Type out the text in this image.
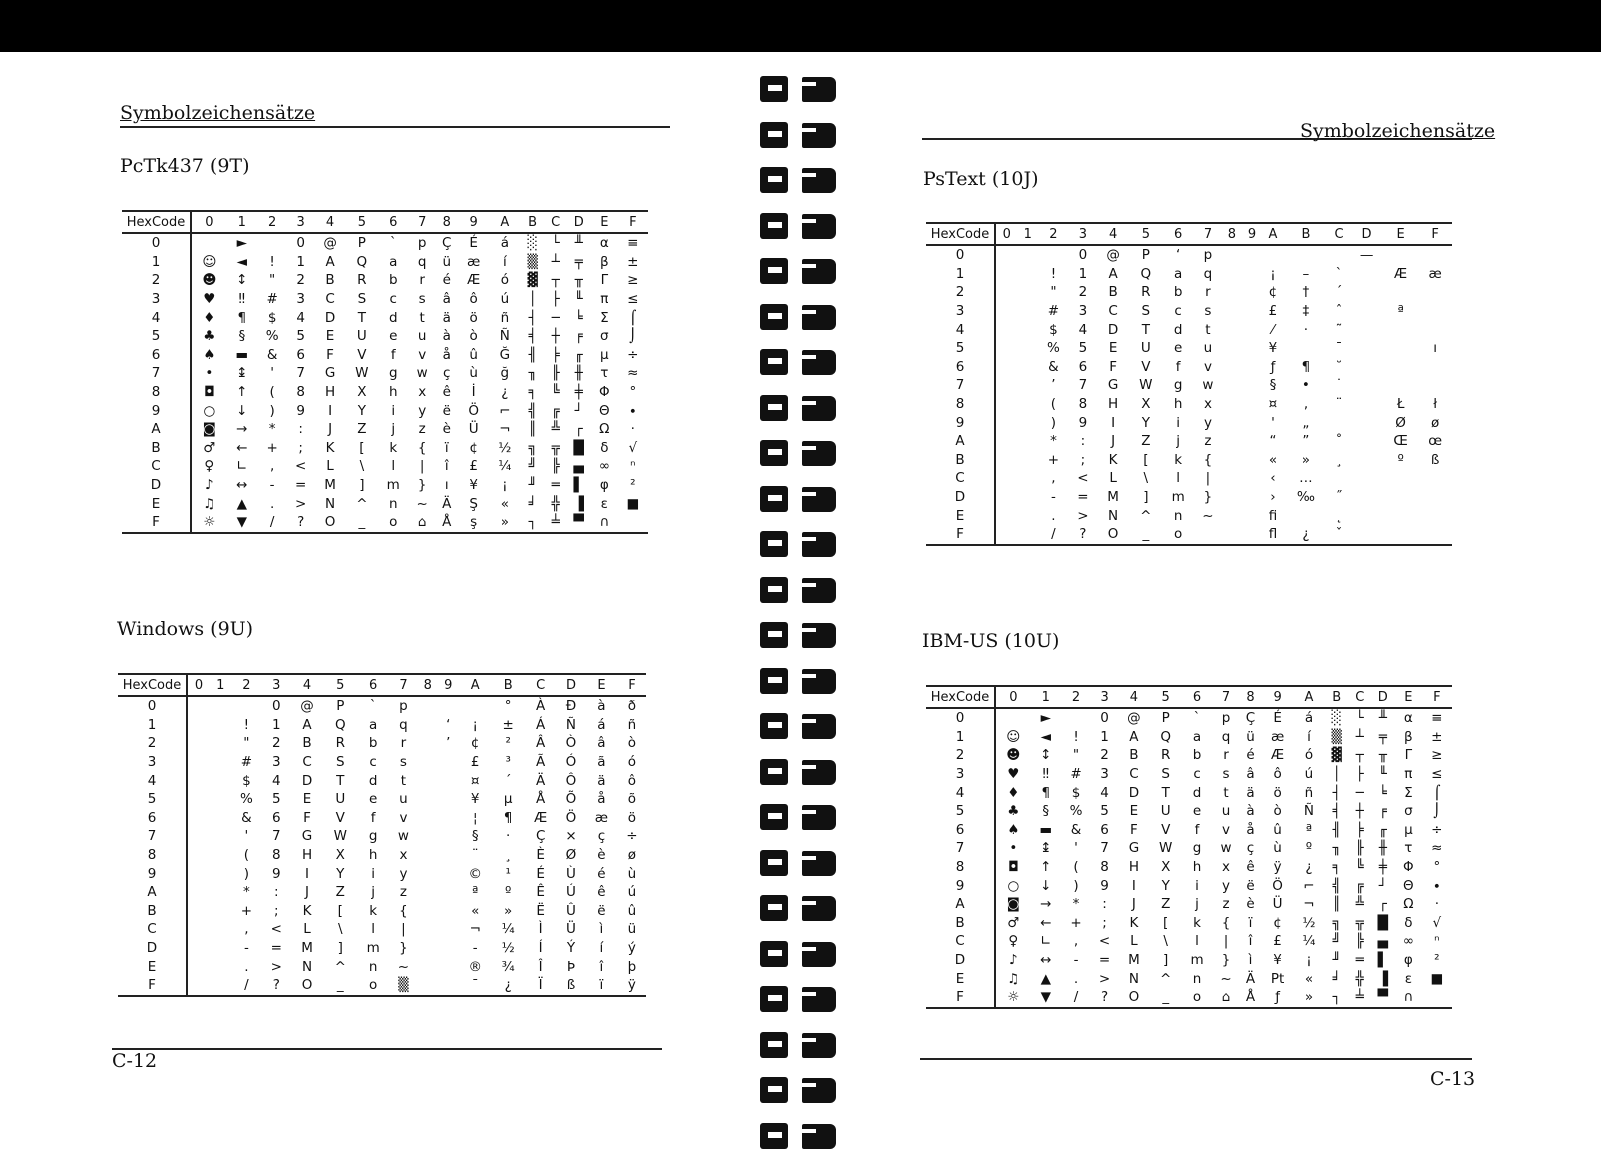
Symbolzeichensätze
PcTk437 (9T)
HexCode	0	1	2	3	4	5	6	7	8	9	A	B	C	D	E	F
0		►		0	@	P	`	p	Ç	É	á	░	└	╨	α	≡
1	☺	◄	!	1	A	Q	a	q	ü	æ	í	▒	┴	╤	β	±
2	☻	↕	"	2	B	R	b	r	é	Æ	ó	▓	┬	╥	Γ	≥
3	♥	‼	#	3	C	S	c	s	â	ô	ú	│	├	╙	π	≤
4	♦	¶	$	4	D	T	d	t	ä	ö	ñ	┤	─	╘	Σ	⌠
5	♣	§	%	5	E	U	e	u	à	ò	Ñ	╡	┼	╒	σ	⌡
6	♠	▬	&	6	F	V	f	v	å	û	Ğ	╢	╞	╓	µ	÷
7	•	↨	'	7	G	W	g	w	ç	ù	ğ	╖	╟	╫	τ	≈
8	◘	↑	(	8	H	X	h	x	ê	İ	¿	╕	╚	╪	Φ	°
9	○	↓	)	9	I	Y	i	y	ë	Ö	⌐	╣	╔	┘	Θ	∙
A	◙	→	*	:	J	Z	j	z	è	Ü	¬	║	╩	┌	Ω	·
B	♂	←	+	;	K	[	k	{	ï	¢	½	╗	╦	█	δ	√
C	♀	∟	,	<	L	\	l	|	î	£	¼	╝	╠	▄	∞	ⁿ
D	♪	↔	-	=	M	]	m	}	ı	¥	¡	╜	═	▌	φ	²
E	♫	▲	.	>	N	^	n	~	Ä	Ş	«	╛	╬	▐	ε	■
F	☼	▼	/	?	O	_	o	⌂	Å	ş	»	┐	╧	▀	∩	
Windows (9U)
HexCode	0	1	2	3	4	5	6	7	8	9	A	B	C	D	E	F
0				0	@	P	`	p				°	À	Ð	à	ð
1			!	1	A	Q	a	q		‘	¡	±	Á	Ñ	á	ñ
2			"	2	B	R	b	r		’	¢	²	Â	Ò	â	ò
3			#	3	C	S	c	s			£	³	Ã	Ó	ã	ó
4			$	4	D	T	d	t			¤	´	Ä	Ô	ä	ô
5			%	5	E	U	e	u			¥	µ	Å	Õ	å	õ
6			&	6	F	V	f	v			¦	¶	Æ	Ö	æ	ö
7			'	7	G	W	g	w			§	·	Ç	×	ç	÷
8			(	8	H	X	h	x			¨	¸	È	Ø	è	ø
9			)	9	I	Y	i	y			©	¹	É	Ù	é	ù
A			*	:	J	Z	j	z			ª	º	Ê	Ú	ê	ú
B			+	;	K	[	k	{			«	»	Ë	Û	ë	û
C			,	<	L	\	l	|			¬	¼	Ì	Ü	ì	ü
D			-	=	M	]	m	}			-	½	Í	Ý	í	ý
E			.	>	N	^	n	~			®	¾	Î	Þ	î	þ
F			/	?	O	_	o	▒			¯	¿	Ï	ß	ï	ÿ
C-12
Symbolzeichensätze
PsText (10J)
HexCode	0	1	2	3	4	5	6	7	8	9	A	B	C	D	E	F
0				0	@	P	‘	p						—		
1			!	1	A	Q	a	q			¡	–	`		Æ	æ
2			"	2	B	R	b	r			¢	†	´			
3			#	3	C	S	c	s			£	‡	ˆ		ª	
4			$	4	D	T	d	t			⁄	·	˜			
5			%	5	E	U	e	u			¥		¯			ı
6			&	6	F	V	f	v			ƒ	¶	˘			
7			’	7	G	W	g	w			§	•	˙			
8			(	8	H	X	h	x			¤	‚	¨		Ł	ł
9			)	9	I	Y	i	y			'	„			Ø	ø
A			*	:	J	Z	j	z			“	”	˚		Œ	œ
B			+	;	K	[	k	{			«	»	¸		º	ß
C			,	<	L	\	l	|			‹	…				
D			-	=	M	]	m	}			›	‰	˝			
E			.	>	N	^	n	~			ﬁ		˛			
F			/	?	O	_	o				ﬂ	¿	ˇ			
IBM-US (10U)
HexCode	0	1	2	3	4	5	6	7	8	9	A	B	C	D	E	F
0		►		0	@	P	`	p	Ç	É	á	░	└	╨	α	≡
1	☺	◄	!	1	A	Q	a	q	ü	æ	í	▒	┴	╤	β	±
2	☻	↕	"	2	B	R	b	r	é	Æ	ó	▓	┬	╥	Γ	≥
3	♥	‼	#	3	C	S	c	s	â	ô	ú	│	├	╙	π	≤
4	♦	¶	$	4	D	T	d	t	ä	ö	ñ	┤	─	╘	Σ	⌠
5	♣	§	%	5	E	U	e	u	à	ò	Ñ	╡	┼	╒	σ	⌡
6	♠	▬	&	6	F	V	f	v	å	û	ª	╢	╞	╓	µ	÷
7	•	↨	'	7	G	W	g	w	ç	ù	º	╖	╟	╫	τ	≈
8	◘	↑	(	8	H	X	h	x	ê	ÿ	¿	╕	╚	╪	Φ	°
9	○	↓	)	9	I	Y	i	y	ë	Ö	⌐	╣	╔	┘	Θ	∙
A	◙	→	*	:	J	Z	j	z	è	Ü	¬	║	╩	┌	Ω	·
B	♂	←	+	;	K	[	k	{	ï	¢	½	╗	╦	█	δ	√
C	♀	∟	,	<	L	\	l	|	î	£	¼	╝	╠	▄	∞	ⁿ
D	♪	↔	-	=	M	]	m	}	ì	¥	¡	╜	═	▌	φ	²
E	♫	▲	.	>	N	^	n	~	Ä	Pt	«	╛	╬	▐	ε	■
F	☼	▼	/	?	O	_	o	⌂	Å	ƒ	»	┐	╧	▀	∩	
C-13
